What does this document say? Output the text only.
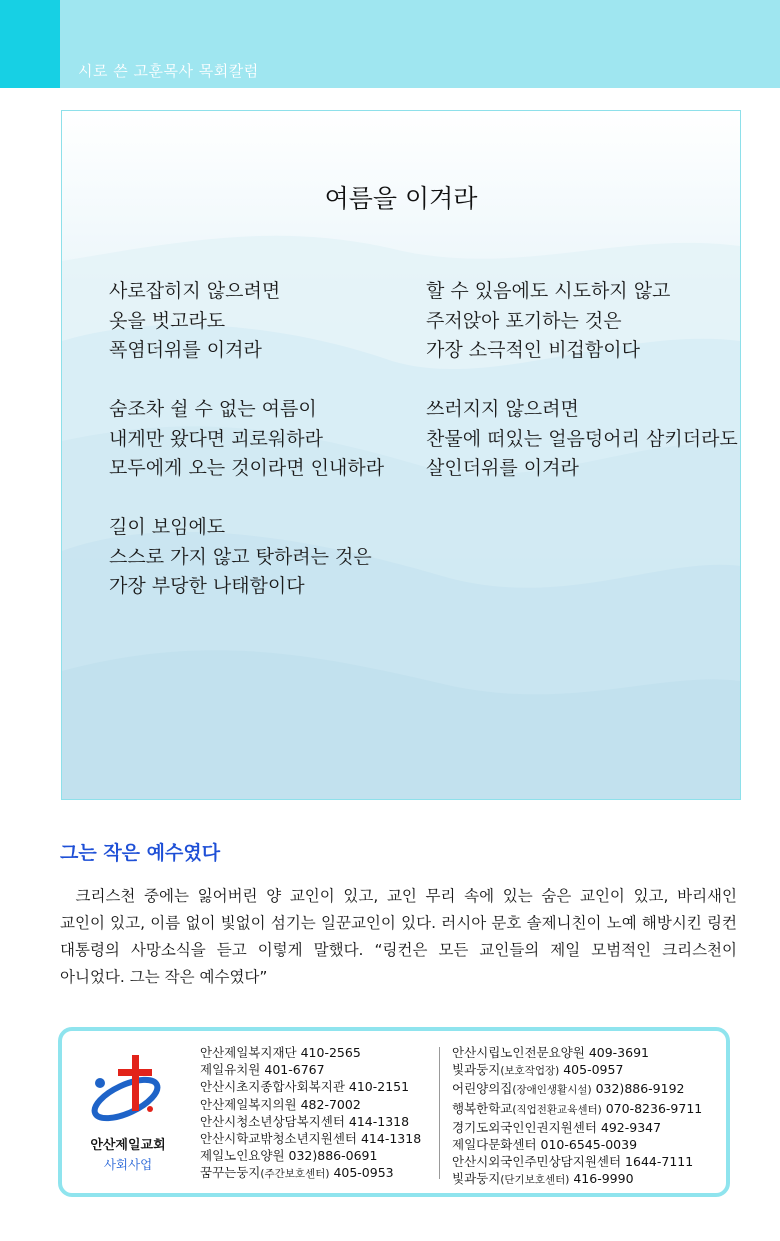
시로 쓴 고훈목사 목회칼럼
여름을 이겨라
사로잡히지 않으려면
옷을 벗고라도
폭염더위를 이겨라
숨조차 쉴 수 없는 여름이
내게만 왔다면 괴로워하라
모두에게 오는 것이라면 인내하라
길이 보임에도
스스로 가지 않고 탓하려는 것은
가장 부당한 나태함이다
할 수 있음에도 시도하지 않고
주저앉아 포기하는 것은
가장 소극적인 비겁함이다
쓰러지지 않으려면
찬물에 떠있는 얼음덩어리 삼키더라도
살인더위를 이겨라
그는 작은 예수였다
크리스천 중에는 잃어버린 양 교인이 있고, 교인 무리 속에 있는 숨은 교인이 있고, 바리새인 교인이 있고, 이름 없이 빛없이 섬기는 일꾼교인이 있다. 러시아 문호 솔제니친이 노예 해방시킨 링컨 대통령의 사망소식을 듣고 이렇게 말했다. “링컨은 모든 교인들의 제일 모범적인 크리스천이 아니었다. 그는 작은 예수였다”
안산제일교회
사회사업
안산제일복지재단 410-2565
제일유치원 401-6767
안산시초지종합사회복지관 410-2151
안산제일복지의원 482-7002
안산시청소년상담복지센터 414-1318
안산시학교밖청소년지원센터 414-1318
제일노인요양원 032)886-0691
꿈꾸는둥지(주간보호센터) 405-0953
안산시립노인전문요양원 409-3691
빛과둥지(보호작업장) 405-0957
어린양의집(장애인생활시설) 032)886-9192
행복한학교(직업전환교육센터) 070-8236-9711
경기도외국인인권지원센터 492-9347
제일다문화센터 010-6545-0039
안산시외국인주민상담지원센터 1644-7111
빛과둥지(단기보호센터) 416-9990
